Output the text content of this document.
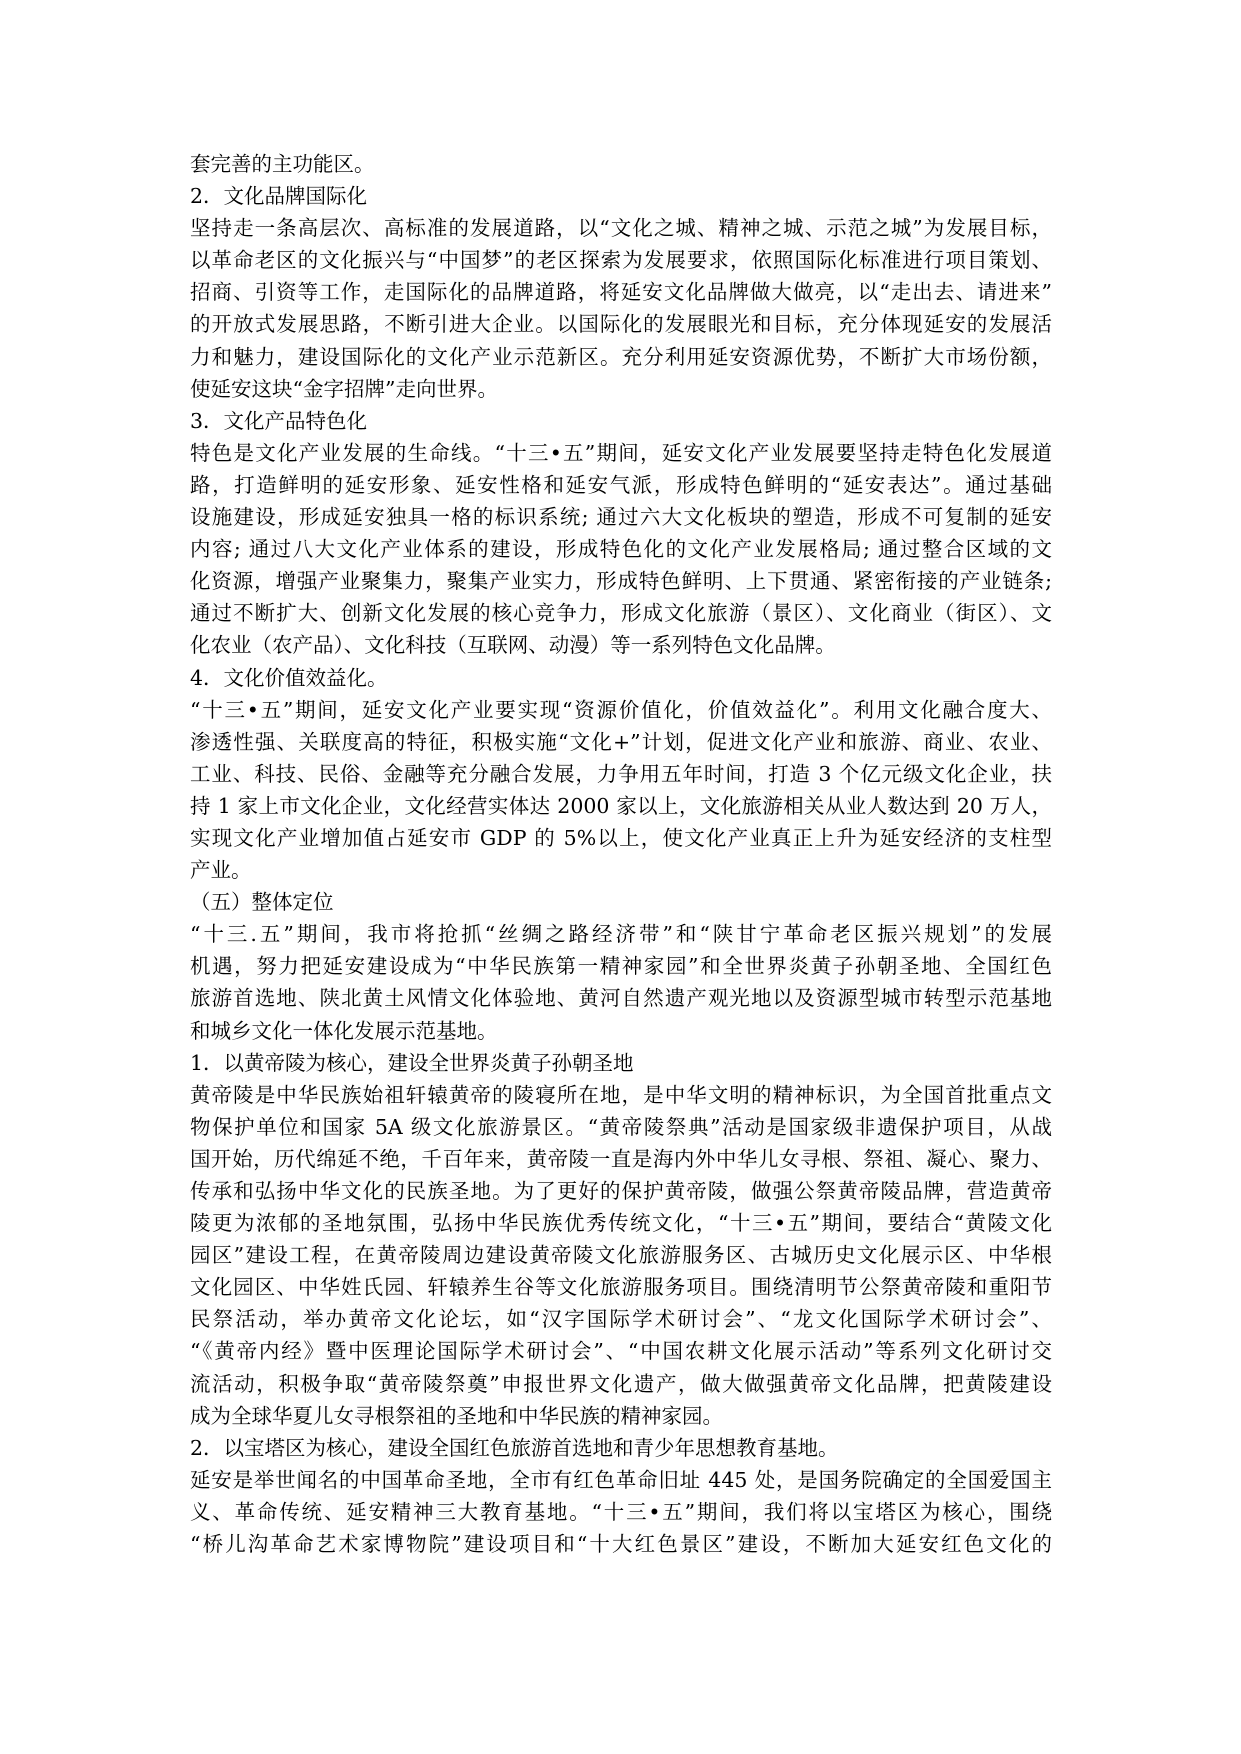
套完善的主功能区。
2．文化品牌国际化
坚持走一条高层次、高标准的发展道路，以“文化之城、精神之城、示范之城”为发展目标，
以革命老区的文化振兴与“中国梦”的老区探索为发展要求，依照国际化标准进行项目策划、
招商、引资等工作，走国际化的品牌道路，将延安文化品牌做大做亮，以“走出去、请进来”
的开放式发展思路，不断引进大企业。以国际化的发展眼光和目标，充分体现延安的发展活
力和魅力，建设国际化的文化产业示范新区。充分利用延安资源优势，不断扩大市场份额，
使延安这块“金字招牌”走向世界。
3．文化产品特色化
特色是文化产业发展的生命线。“十三•五”期间，延安文化产业发展要坚持走特色化发展道
路，打造鲜明的延安形象、延安性格和延安气派，形成特色鲜明的“延安表达”。通过基础
设施建设，形成延安独具一格的标识系统; 通过六大文化板块的塑造，形成不可复制的延安
内容; 通过八大文化产业体系的建设，形成特色化的文化产业发展格局; 通过整合区域的文
化资源，增强产业聚集力，聚集产业实力，形成特色鲜明、上下贯通、紧密衔接的产业链条;
通过不断扩大、创新文化发展的核心竞争力，形成文化旅游（景区）、文化商业（街区）、文
化农业（农产品）、文化科技（互联网、动漫）等一系列特色文化品牌。
4．文化价值效益化。
“十三•五”期间，延安文化产业要实现“资源价值化，价值效益化”。利用文化融合度大、
渗透性强、关联度高的特征，积极实施“文化+”计划，促进文化产业和旅游、商业、农业、
工业、科技、民俗、金融等充分融合发展，力争用五年时间，打造 3 个亿元级文化企业，扶
持 1 家上市文化企业，文化经营实体达 2000 家以上，文化旅游相关从业人数达到 20 万人，
实现文化产业增加值占延安市 GDP 的 5%以上，使文化产业真正上升为延安经济的支柱型
产业。
（五）整体定位
“十三.五”期间，我市将抢抓“丝绸之路经济带”和“陕甘宁革命老区振兴规划”的发展
机遇，努力把延安建设成为“中华民族第一精神家园”和全世界炎黄子孙朝圣地、全国红色
旅游首选地、陕北黄土风情文化体验地、黄河自然遗产观光地以及资源型城市转型示范基地
和城乡文化一体化发展示范基地。
1．以黄帝陵为核心，建设全世界炎黄子孙朝圣地
黄帝陵是中华民族始祖轩辕黄帝的陵寝所在地，是中华文明的精神标识，为全国首批重点文
物保护单位和国家 5A 级文化旅游景区。“黄帝陵祭典”活动是国家级非遗保护项目，从战
国开始，历代绵延不绝，千百年来，黄帝陵一直是海内外中华儿女寻根、祭祖、凝心、聚力、
传承和弘扬中华文化的民族圣地。为了更好的保护黄帝陵，做强公祭黄帝陵品牌，营造黄帝
陵更为浓郁的圣地氛围，弘扬中华民族优秀传统文化，“十三•五”期间，要结合“黄陵文化
园区”建设工程，在黄帝陵周边建设黄帝陵文化旅游服务区、古城历史文化展示区、中华根
文化园区、中华姓氏园、轩辕养生谷等文化旅游服务项目。围绕清明节公祭黄帝陵和重阳节
民祭活动，举办黄帝文化论坛，如“汉字国际学术研讨会”、“龙文化国际学术研讨会”、
“《黄帝内经》暨中医理论国际学术研讨会”、“中国农耕文化展示活动”等系列文化研讨交
流活动，积极争取“黄帝陵祭奠”申报世界文化遗产，做大做强黄帝文化品牌，把黄陵建设
成为全球华夏儿女寻根祭祖的圣地和中华民族的精神家园。
2．以宝塔区为核心，建设全国红色旅游首选地和青少年思想教育基地。
延安是举世闻名的中国革命圣地，全市有红色革命旧址 445 处，是国务院确定的全国爱国主
义、革命传统、延安精神三大教育基地。“十三•五”期间，我们将以宝塔区为核心，围绕
“桥儿沟革命艺术家博物院”建设项目和“十大红色景区”建设，不断加大延安红色文化的
